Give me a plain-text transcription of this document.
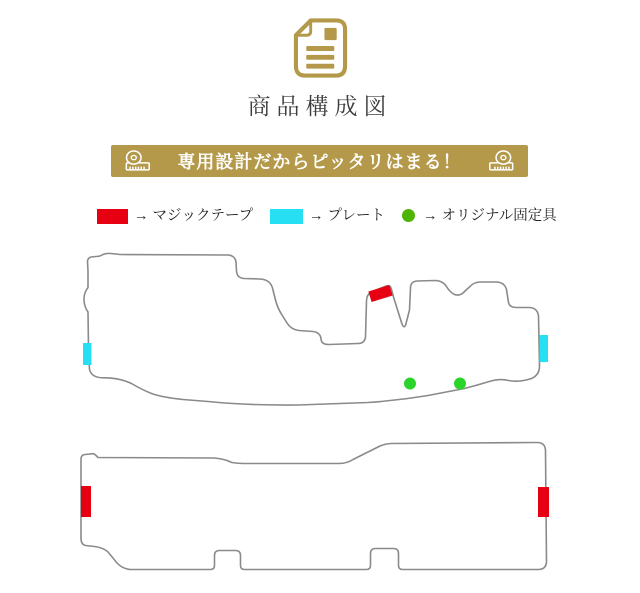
商品構成図
専用設計だからピッタリはまる！
→ マジックテープ	→ プレート	→ オリジナル固定具
